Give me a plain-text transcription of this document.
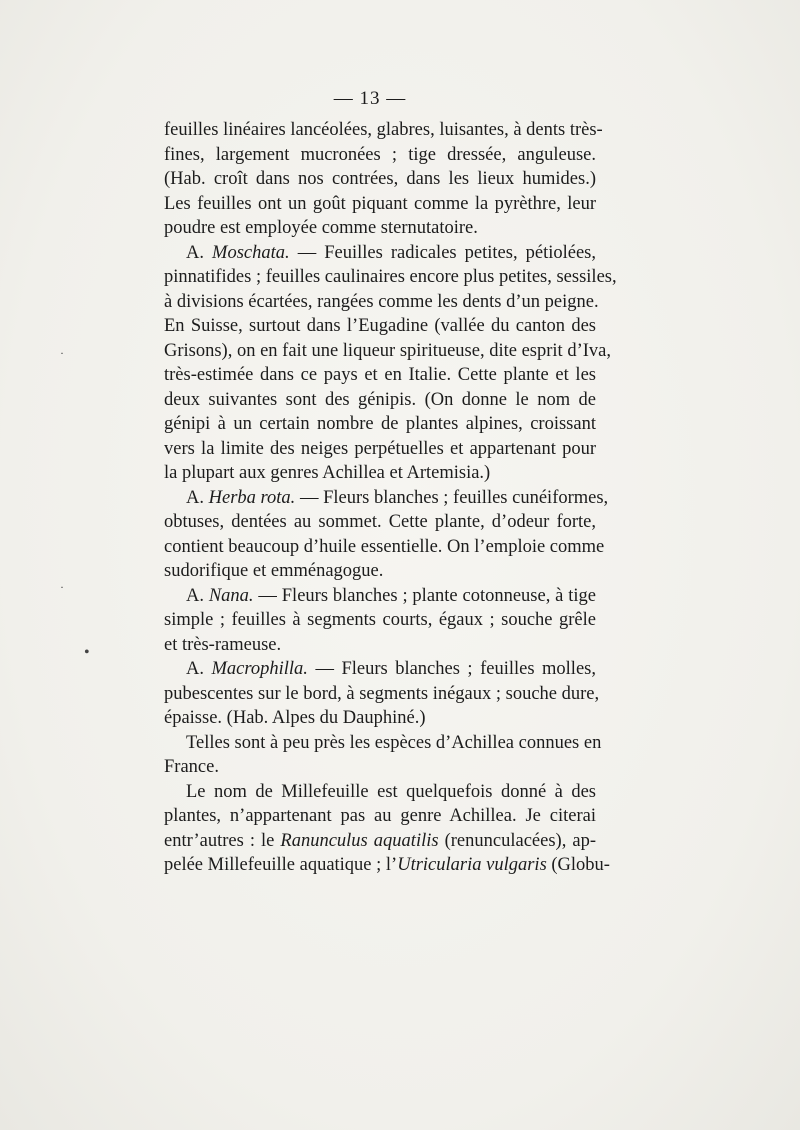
— 13 —
feuilles linéaires lancéolées, glabres, luisantes, à dents très-
fines, largement mucronées ; tige dressée, anguleuse.
(Hab. croît dans nos contrées, dans les lieux humides.)
Les feuilles ont un goût piquant comme la pyrèthre, leur
poudre est employée comme sternutatoire.
A. Moschata. — Feuilles radicales petites, pétiolées,
pinnatifides ; feuilles caulinaires encore plus petites, sessiles,
à divisions écartées, rangées comme les dents d’un peigne.
En Suisse, surtout dans l’Eugadine (vallée du canton des
Grisons), on en fait une liqueur spiritueuse, dite esprit d’Iva,
très-estimée dans ce pays et en Italie. Cette plante et les
deux suivantes sont des génipis. (On donne le nom de
génipi à un certain nombre de plantes alpines, croissant
vers la limite des neiges perpétuelles et appartenant pour
la plupart aux genres Achillea et Artemisia.)
A. Herba rota. — Fleurs blanches ; feuilles cunéiformes,
obtuses, dentées au sommet. Cette plante, d’odeur forte,
contient beaucoup d’huile essentielle. On l’emploie comme
sudorifique et emménagogue.
A. Nana. — Fleurs blanches ; plante cotonneuse, à tige
simple ; feuilles à segments courts, égaux ; souche grêle
et très-rameuse.
A. Macrophilla. — Fleurs blanches ; feuilles molles,
pubescentes sur le bord, à segments inégaux ; souche dure,
épaisse. (Hab. Alpes du Dauphiné.)
Telles sont à peu près les espèces d’Achillea connues en
France.
Le nom de Millefeuille est quelquefois donné à des
plantes, n’appartenant pas au genre Achillea. Je citerai
entr’autres : le Ranunculus aquatilis (renunculacées), ap-
pelée Millefeuille aquatique ; l’Utricularia vulgaris (Globu-
·
·
•
